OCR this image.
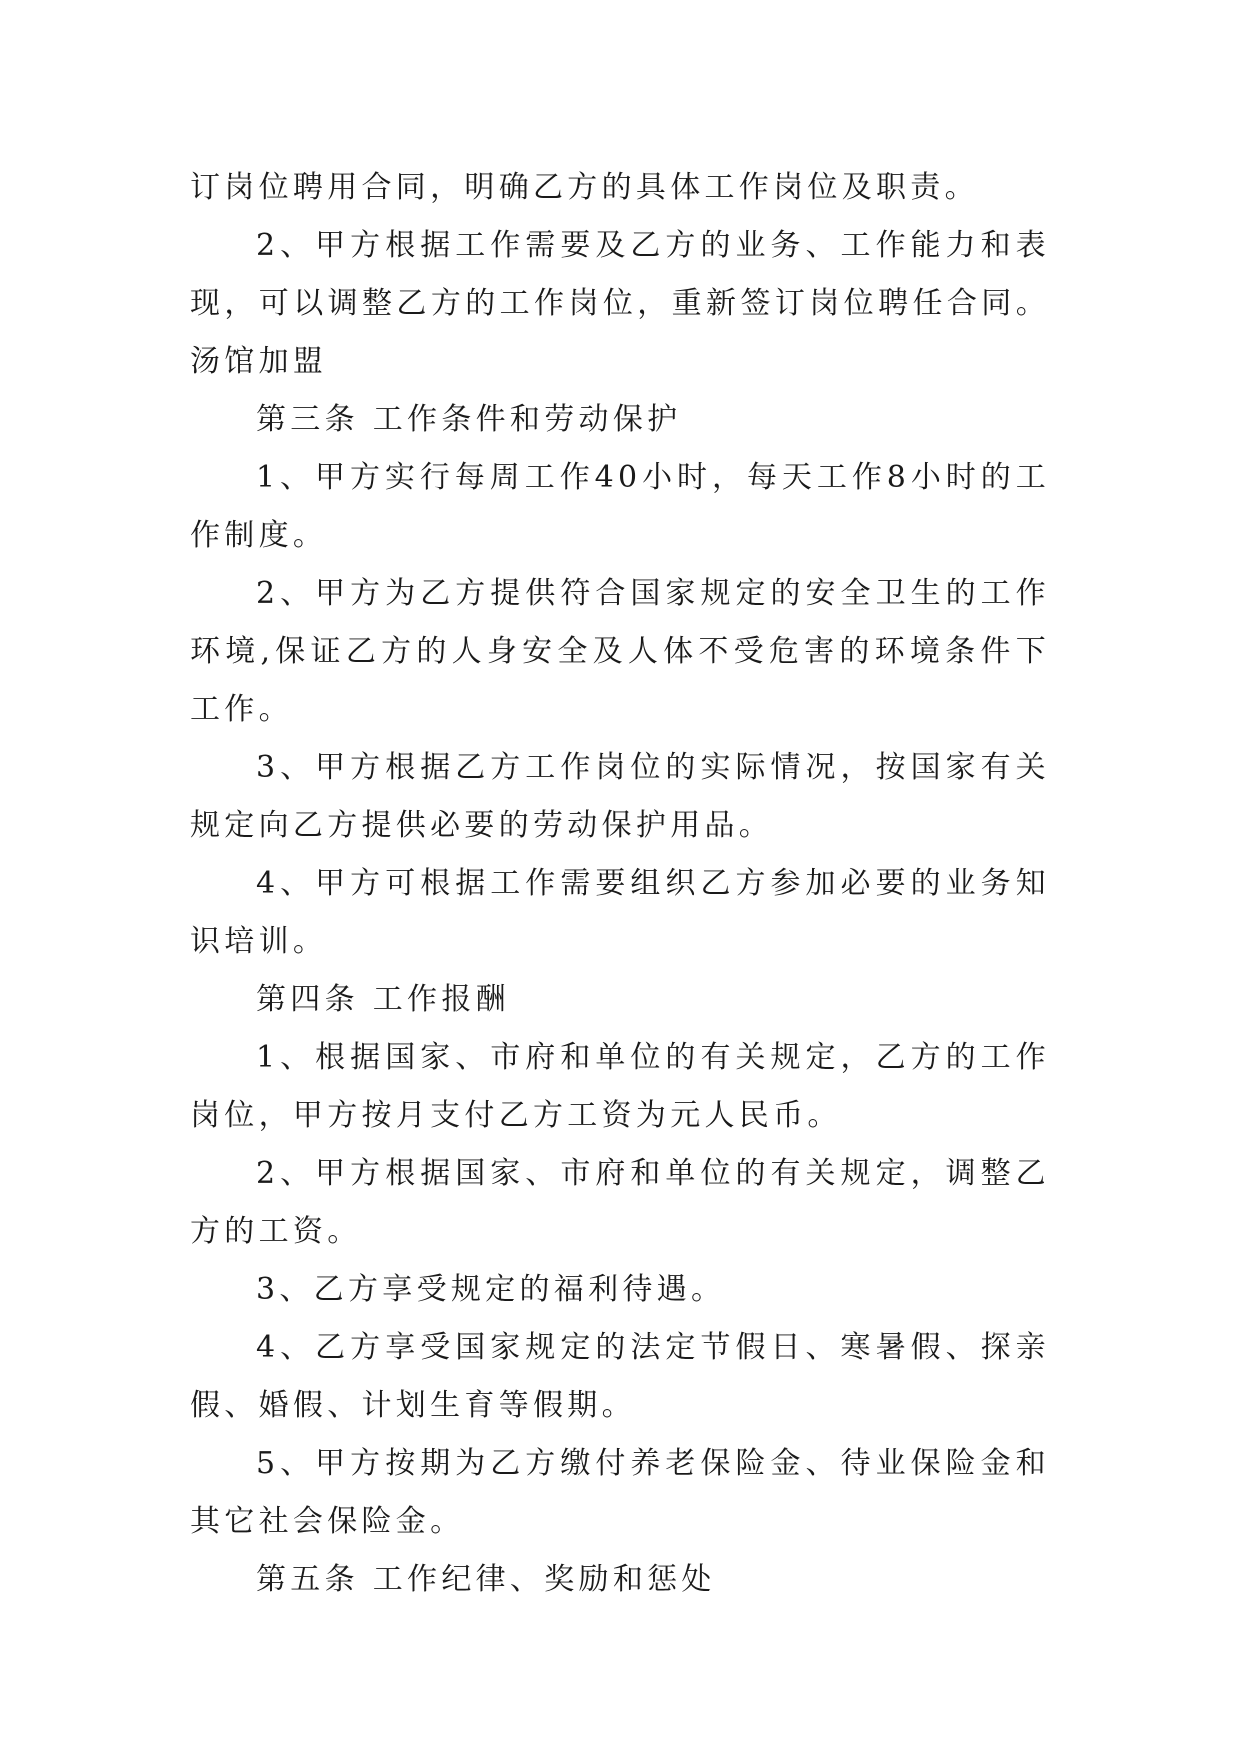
订岗位聘用合同，明确乙方的具体工作岗位及职责。

2、甲方根据工作需要及乙方的业务、工作能力和表现，可以调整乙方的工作岗位，重新签订岗位聘任合同。汤馆加盟

第三条 工作条件和劳动保护

1、甲方实行每周工作40小时，每天工作8小时的工作制度。

2、甲方为乙方提供符合国家规定的安全卫生的工作环境,保证乙方的人身安全及人体不受危害的环境条件下工作。

3、甲方根据乙方工作岗位的实际情况，按国家有关规定向乙方提供必要的劳动保护用品。

4、甲方可根据工作需要组织乙方参加必要的业务知识培训。

第四条 工作报酬

1、根据国家、市府和单位的有关规定，乙方的工作岗位，甲方按月支付乙方工资为元人民币。

2、甲方根据国家、市府和单位的有关规定，调整乙方的工资。

3、乙方享受规定的福利待遇。

4、乙方享受国家规定的法定节假日、寒暑假、探亲假、婚假、计划生育等假期。

5、甲方按期为乙方缴付养老保险金、待业保险金和其它社会保险金。

第五条 工作纪律、奖励和惩处
